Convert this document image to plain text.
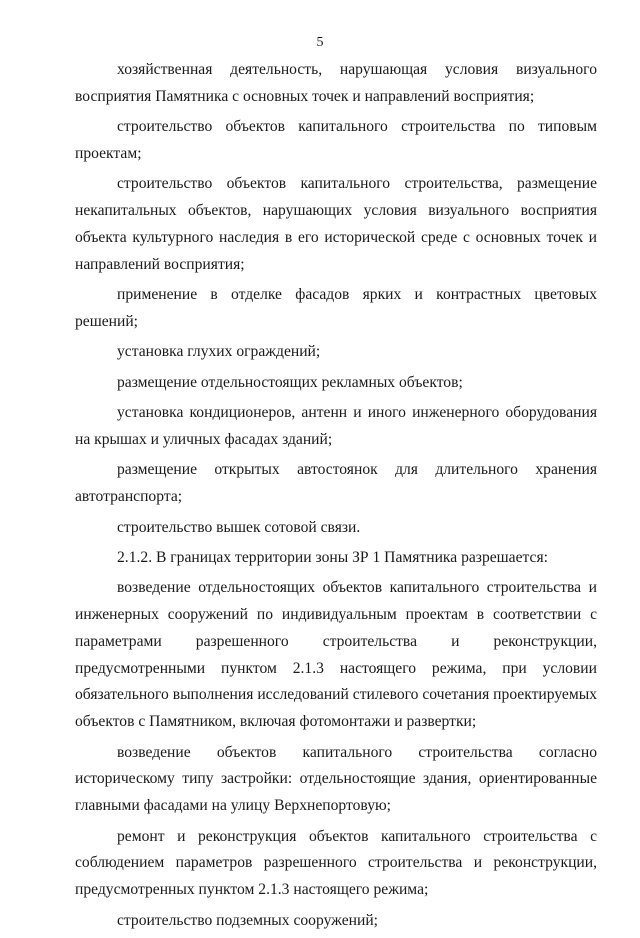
5

хозяйственная деятельность, нарушающая условия визуального восприятия Памятника с основных точек и направлений восприятия;

строительство объектов капитального строительства по типовым проектам;

строительство объектов капитального строительства, размещение некапитальных объектов, нарушающих условия визуального восприятия объекта культурного наследия в его исторической среде с основных точек и направлений восприятия;

применение в отделке фасадов ярких и контрастных цветовых решений;

установка глухих ограждений;

размещение отдельностоящих рекламных объектов;

установка кондиционеров, антенн и иного инженерного оборудования на крышах и уличных фасадах зданий;

размещение открытых автостоянок для длительного хранения автотранспорта;

строительство вышек сотовой связи.

2.1.2. В границах территории зоны ЗР 1 Памятника разрешается:

возведение отдельностоящих объектов капитального строительства и инженерных сооружений по индивидуальным проектам в соответствии с параметрами разрешенного строительства и реконструкции, предусмотренными пунктом 2.1.3 настоящего режима, при условии обязательного выполнения исследований стилевого сочетания проектируемых объектов с Памятником, включая фотомонтажи и развертки;

возведение объектов капитального строительства согласно историческому типу застройки: отдельностоящие здания, ориентированные главными фасадами на улицу Верхнепортовую;

ремонт и реконструкция объектов капитального строительства с соблюдением параметров разрешенного строительства и реконструкции, предусмотренных пунктом 2.1.3 настоящего режима;

строительство подземных сооружений;
